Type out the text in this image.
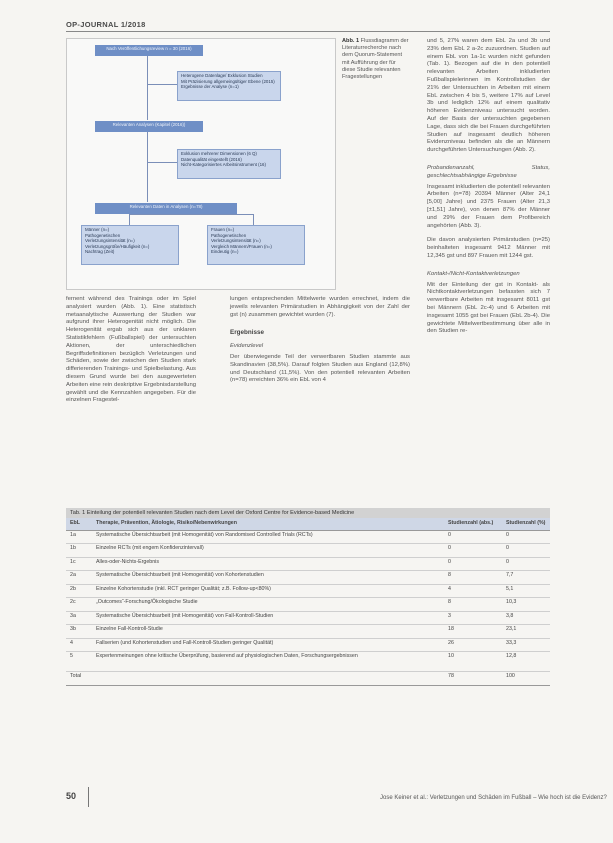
OP-JOURNAL 1/2018
Nach Veröffentlichungsreview n = 30 (2016)
Heterogene Datenlage/ Exklusion Studien
Mit Präzisierung allgemeingültiger Ebene (2015)
Ergebnisse der Analyse (n=1)
Relevanten Analysen (Kapitel (2016))
Exklusion mehrerer Dimensionen (6 Q)
Datenqualität eingestellt (2016)
Nicht-Kategorisiertes Arbeitsinstrument (16)
Relevanten Daten in Analysen (n=78)
Männer (n=)
Pathogenetischen
Verletzungsintensität (n=)
Verletzungsgröße/Häufigkeit (n=)
Nachtrag (Zeit)
Frauen (n=)
Pathogenetischen
Verletzungsintensität (n=)
Vergleich Männern/Frauen (n=)
Eindeutig (n=)
Abb. 1 Flussdiagramm der Literaturrecherche nach dem Quorum-Statement mit Aufführung der für diese Studie relevanten Fragestellungen

und 5, 27% waren dem EbL 2a und 3b und 23% dem EbL 2 a-2c zuzuordnen. Studien auf einem EbL von 1a-1c wurden nicht gefunden (Tab. 1). Bezogen auf die in den potentiell relevanten Arbeiten inkludierten Fußballspielerinnen im Kontrollstudien der 21% der Untersuchten in Arbeiten mit einem EbL zwischen 4 bis 5, weitere 17% auf Level 3b und lediglich 12% auf einem qualitativ höheren Evidenzniveau untersucht worden. Auf der Basis der untersuchten gegebenen Lage, dass sich die bei Frauen durchgeführten Studien auf insgesamt deutlich höheren Evidenzniveau befinden als die an Männern durchgeführten Untersuchungen (Abb. 2).

Probandenanzahl, Status, geschlechtsabhängige Ergebnisse

Insgesamt inkludierten die potentiell relevanten Arbeiten (n=78) 20394 Männer (Alter 24,1 [5,00] Jahre) und 2375 Frauen (Alter 21,3 [±1,51] Jahre), von denen 87% der Männer und 29% der Frauen dem Profibereich angehörten (Abb. 3).

Die davon analysierten Primärstudien (n=25) beinhalteten insgesamt 9412 Männer mit 12,345 gst und 897 Frauen mit 1244 gst.

Kontakt-/Nicht-Kontaktverletzungen

Mit der Einteilung der gst in Kontakt- als Nichtkontaktverletzungen befassten sich 7 verwertbare Arbeiten mit insgesamt 8011 gst bei Männern (EbL 2c-4) und 6 Arbeiten mit insgesamt 1055 gst bei Frauen (EbL 2b-4). Die gewichtete Mittelwertbestimmung über alle in den Studien re-

fernent während des Trainings oder im Spiel analysiert wurden (Abb. 1). Eine statistisch metaanalytische Auswertung der Studien war aufgrund ihrer Heterogenität nicht möglich. Die Heterogenität ergab sich aus der unklaren Statistikfehlern (Fußballspiel) der untersuchten Aktionen, der unterschiedlichen Begriffsdefinitionen bezüglich Verletzungen und Schäden, sowie der zwischen den Studien stark differierenden Trainings- und Spielbelastung. Aus diesem Grund wurde bei den ausgewerteten Arbeiten eine rein deskriptive Ergebnisdarstellung gewählt und die Kennzahlen angegeben. Für die einzelnen Fragestel-

lungen entsprechenden Mittelwerte wurden errechnet, indem die jeweils relevanten Primärstudien in Abhängigkeit von der Zahl der gst (n) zusammen gewichtet wurden (7).

Ergebnisse
Evidenzlevel

Der überwiegende Teil der verwertbaren Studien stammte aus Skandinavien (38,5%). Darauf folgten Studien aus England (12,8%) und Deutschland (11,5%). Von den potentiell relevanten Arbeiten (n=78) erreichten 36% ein EbL von 4

Tab. 1 Einteilung der potentiell relevanten Studien nach dem Level der Oxford Centre for Evidence-based Medicine
EbL	Therapie, Prävention, Ätiologie, Risiko/Nebenwirkungen	Studienzahl (abs.)	Studienzahl (%)
1a	Systematische Übersichtsarbeit (mit Homogenität) von Randomised Controlled Trials (RCTs)	0	0
1b	Einzelne RCTs (mit engem Konfidenzintervall)	0	0
1c	Alles-oder-Nichts-Ergebnis	0	0
2a	Systematische Übersichtsarbeit (mit Homogenität) von Kohortenstudien	8	7,7
2b	Einzelne Kohortenstudie (inkl. RCT geringer Qualität; z.B. Follow-up<80%)	4	5,1
2c	„Outcomes“-Forschung/Ökologische Studie	8	10,3
3a	Systematische Übersichtsarbeit (mit Homogenität) von Fall-Kontroll-Studien	3	3,8
3b	Einzelne Fall-Kontroll-Studie	18	23,1
4	Fallserien (und Kohortenstudien und Fall-Kontroll-Studien geringer Qualität)	26	33,3
5	Expertenmeinungen ohne kritische Überprüfung, basierend auf physiologischen Daten, Forschungsergebnissen	10	12,8
Total		78	100
50	Jose Keiner et al.: Verletzungen und Schäden im Fußball – Wie hoch ist die Evidenz?
